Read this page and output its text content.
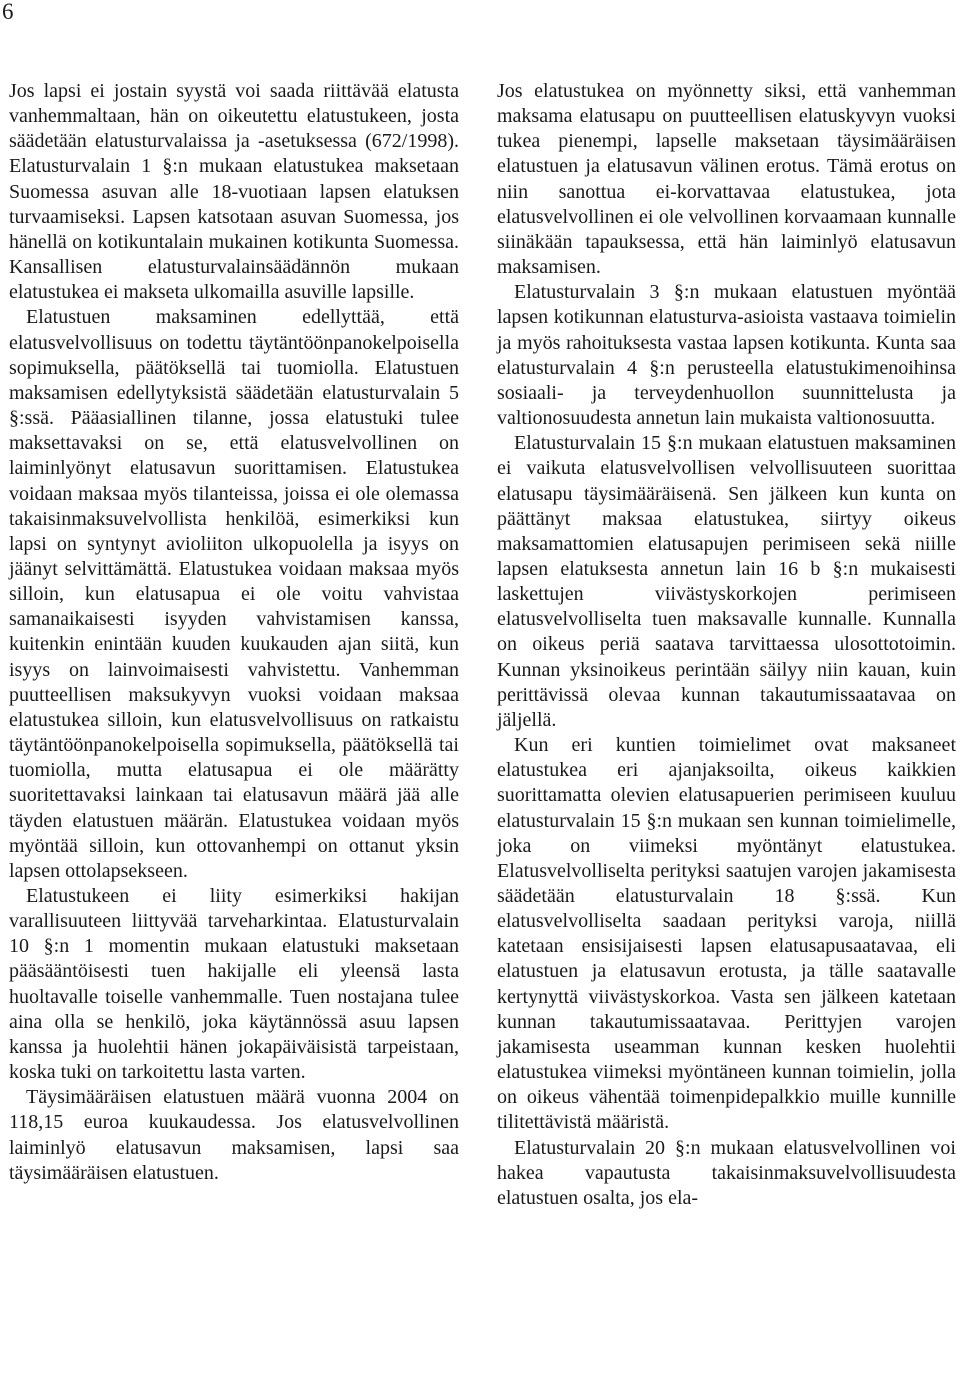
6

Jos lapsi ei jostain syystä voi saada riittävää elatusta vanhemmaltaan, hän on oikeutettu elatustukeen, josta säädetään elatusturvalaissa ja -asetuksessa (672/1998). Elatusturvalain 1 §:n mukaan elatustukea maksetaan Suomessa asuvan alle 18-vuotiaan lapsen elatuksen turvaamiseksi. Lapsen katsotaan asuvan Suomessa, jos hänellä on kotikuntalain mukainen kotikunta Suomessa. Kansallisen elatusturvalainsäädännön mukaan elatustukea ei makseta ulkomailla asuville lapsille.

Elatustuen maksaminen edellyttää, että elatusvelvollisuus on todettu täytäntöönpanokelpoisella sopimuksella, päätöksellä tai tuomiolla. Elatustuen maksamisen edellytyksistä säädetään elatusturvalain 5 §:ssä. Pääasiallinen tilanne, jossa elatustuki tulee maksettavaksi on se, että elatusvelvollinen on laiminlyönyt elatusavun suorittamisen. Elatustukea voidaan maksaa myös tilanteissa, joissa ei ole olemassa takaisinmaksuvelvollista henkilöä, esimerkiksi kun lapsi on syntynyt avioliiton ulkopuolella ja isyys on jäänyt selvittämättä. Elatustukea voidaan maksaa myös silloin, kun elatusapua ei ole voitu vahvistaa samanaikaisesti isyyden vahvistamisen kanssa, kuitenkin enintään kuuden kuukauden ajan siitä, kun isyys on lainvoimaisesti vahvistettu. Vanhemman puutteellisen maksukyvyn vuoksi voidaan maksaa elatustukea silloin, kun elatusvelvollisuus on ratkaistu täytäntöönpanokelpoisella sopimuksella, päätöksellä tai tuomiolla, mutta elatusapua ei ole määrätty suoritettavaksi lainkaan tai elatusavun määrä jää alle täyden elatustuen määrän. Elatustukea voidaan myös myöntää silloin, kun ottovanhempi on ottanut yksin lapsen ottolapsekseen.

Elatustukeen ei liity esimerkiksi hakijan varallisuuteen liittyvää tarveharkintaa. Elatusturvalain 10 §:n 1 momentin mukaan elatustuki maksetaan pääsääntöisesti tuen hakijalle eli yleensä lasta huoltavalle toiselle vanhemmalle. Tuen nostajana tulee aina olla se henkilö, joka käytännössä asuu lapsen kanssa ja huolehtii hänen jokapäiväisistä tarpeistaan, koska tuki on tarkoitettu lasta varten.

Täysimääräisen elatustuen määrä vuonna 2004 on 118,15 euroa kuukaudessa. Jos elatusvelvollinen laiminlyö elatusavun maksamisen, lapsi saa täysimääräisen elatustuen.

Jos elatustukea on myönnetty siksi, että vanhemman maksama elatusapu on puutteellisen elatuskyvyn vuoksi tukea pienempi, lapselle maksetaan täysimääräisen elatustuen ja elatusavun välinen erotus. Tämä erotus on niin sanottua ei-korvattavaa elatustukea, jota elatusvelvollinen ei ole velvollinen korvaamaan kunnalle siinäkään tapauksessa, että hän laiminlyö elatusavun maksamisen.

Elatusturvalain 3 §:n mukaan elatustuen myöntää lapsen kotikunnan elatusturva-asioista vastaava toimielin ja myös rahoituksesta vastaa lapsen kotikunta. Kunta saa elatusturvalain 4 §:n perusteella elatustukimenoihinsa sosiaali- ja terveydenhuollon suunnittelusta ja valtionosuudesta annetun lain mukaista valtionosuutta.

Elatusturvalain 15 §:n mukaan elatustuen maksaminen ei vaikuta elatusvelvollisen velvollisuuteen suorittaa elatusapu täysimääräisenä. Sen jälkeen kun kunta on päättänyt maksaa elatustukea, siirtyy oikeus maksamattomien elatusapujen perimiseen sekä niille lapsen elatuksesta annetun lain 16 b §:n mukaisesti laskettujen viivästyskorkojen perimiseen elatusvelvolliselta tuen maksavalle kunnalle. Kunnalla on oikeus periä saatava tarvittaessa ulosottotoimin. Kunnan yksinoikeus perintään säilyy niin kauan, kuin perittävissä olevaa kunnan takautumissaatavaa on jäljellä.

Kun eri kuntien toimielimet ovat maksaneet elatustukea eri ajanjaksoilta, oikeus kaikkien suorittamatta olevien elatusapuerien perimiseen kuuluu elatusturvalain 15 §:n mukaan sen kunnan toimielimelle, joka on viimeksi myöntänyt elatustukea. Elatusvelvolliselta perityksi saatujen varojen jakamisesta säädetään elatusturvalain 18 §:ssä. Kun elatusvelvolliselta saadaan perityksi varoja, niillä katetaan ensisijaisesti lapsen elatusapusaatavaa, eli elatustuen ja elatusavun erotusta, ja tälle saatavalle kertynyttä viivästyskorkoa. Vasta sen jälkeen katetaan kunnan takautumissaatavaa. Perittyjen varojen jakamisesta useamman kunnan kesken huolehtii elatustukea viimeksi myöntäneen kunnan toimielin, jolla on oikeus vähentää toimenpidepalkkio muille kunnille tilitettävistä määristä.

Elatusturvalain 20 §:n mukaan elatusvelvollinen voi hakea vapautusta takaisinmaksuvelvollisuudesta elatustuen osalta, jos ela-
